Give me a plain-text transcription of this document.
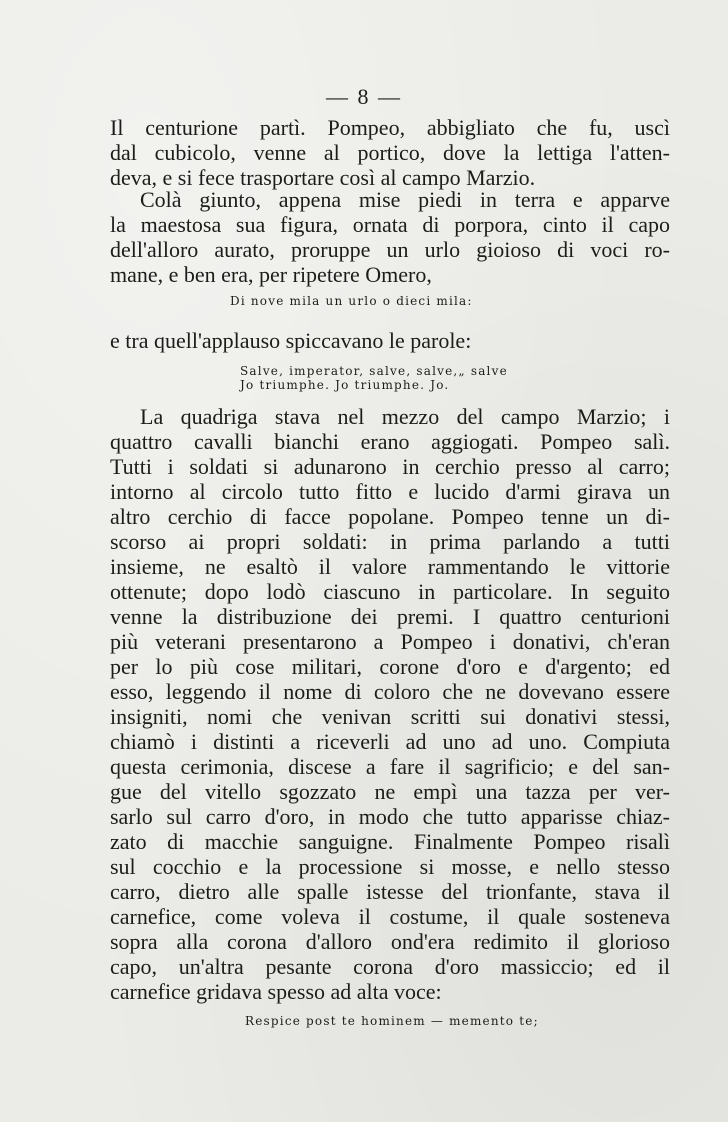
— 8 —
Il centurione partì. Pompeo, abbigliato che fu, uscì
dal cubicolo, venne al portico, dove la lettiga l'atten-
deva, e si fece trasportare così al campo Marzio.
Colà giunto, appena mise piedi in terra e apparve
la maestosa sua figura, ornata di porpora, cinto il capo
dell'alloro aurato, proruppe un urlo gioioso di voci ro-
mane, e ben era, per ripetere Omero,
Di nove mila un urlo o dieci mila:
e tra quell'applauso spiccavano le parole:
Salve, imperator, salve, salve,„ salve
Jo triumphe. Jo triumphe. Jo.
La quadriga stava nel mezzo del campo Marzio; i
quattro cavalli bianchi erano aggiogati. Pompeo salì.
Tutti i soldati si adunarono in cerchio presso al carro;
intorno al circolo tutto fitto e lucido d'armi girava un
altro cerchio di facce popolane. Pompeo tenne un di-
scorso ai propri soldati: in prima parlando a tutti
insieme, ne esaltò il valore rammentando le vittorie
ottenute; dopo lodò ciascuno in particolare. In seguito
venne la distribuzione dei premi. I quattro centurioni
più veterani presentarono a Pompeo i donativi, ch'eran
per lo più cose militari, corone d'oro e d'argento; ed
esso, leggendo il nome di coloro che ne dovevano essere
insigniti, nomi che venivan scritti sui donativi stessi,
chiamò i distinti a riceverli ad uno ad uno. Compiuta
questa cerimonia, discese a fare il sagrificio; e del san-
gue del vitello sgozzato ne empì una tazza per ver-
sarlo sul carro d'oro, in modo che tutto apparisse chiaz-
zato di macchie sanguigne. Finalmente Pompeo risalì
sul cocchio e la processione si mosse, e nello stesso
carro, dietro alle spalle istesse del trionfante, stava il
carnefice, come voleva il costume, il quale sosteneva
sopra alla corona d'alloro ond'era redimito il glorioso
capo, un'altra pesante corona d'oro massiccio; ed il
carnefice gridava spesso ad alta voce:
Respice post te hominem — memento te;
